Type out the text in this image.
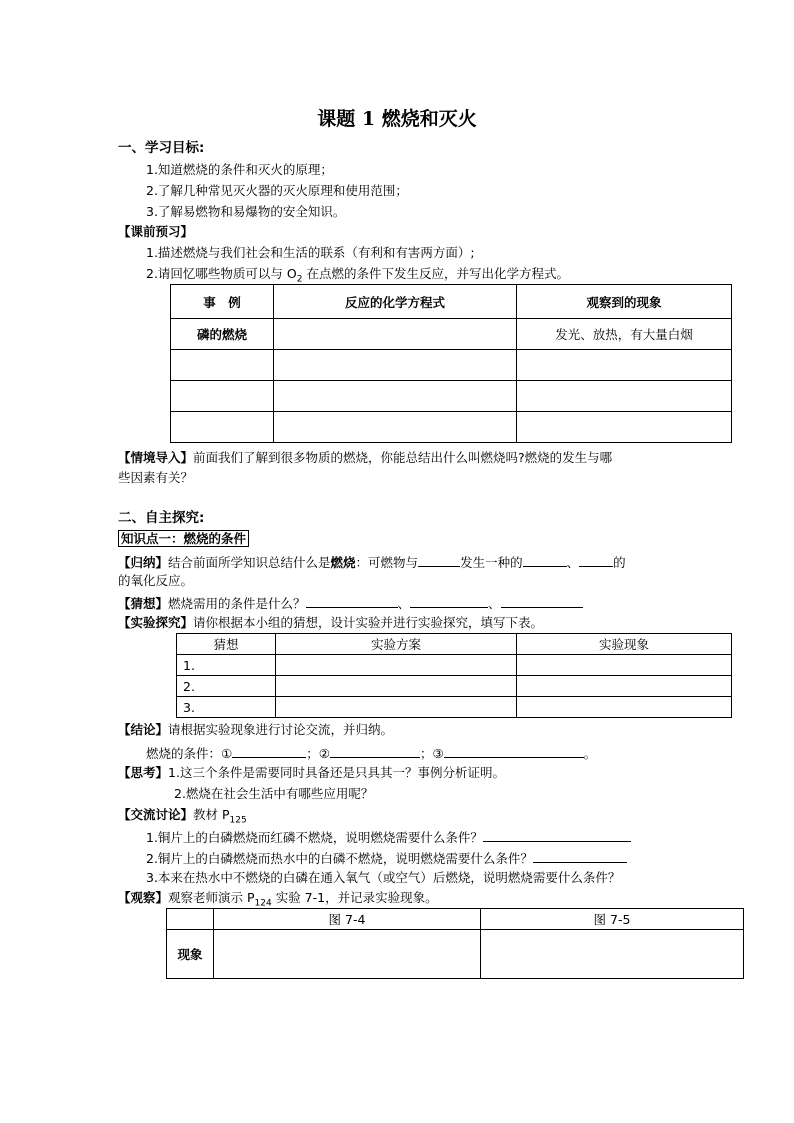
课题 1 燃烧和灭火
一、学习目标:
1.知道燃烧的条件和灭火的原理；
2.了解几种常见灭火器的灭火原理和使用范围；
3.了解易燃物和易爆物的安全知识。
【课前预习】
1.描述燃烧与我们社会和生活的联系（有利和有害两方面）;
2.请回忆哪些物质可以与 $O_2$ 在点燃的条件下发生反应，并写出化学方程式。
事　例	反应的化学方程式	观察到的现象
磷的燃烧		发光、放热，有大量白烟

【情境导入】前面我们了解到很多物质的燃烧，你能总结出什么叫燃烧吗?燃烧的发生与哪
些因素有关？
二、自主探究:
知识点一：燃烧的条件
【归纳】结合前面所学知识总结什么是燃烧：可燃物与	发生一种的	、	的
的氧化反应。
【猜想】燃烧需用的条件是什么？	、	、
【实验探究】请你根据本小组的猜想，设计实验并进行实验探究，填写下表。
猜想	实验方案	实验现象
1.		
2.		
3.		
【结论】请根据实验现象进行讨论交流，并归纳。
燃烧的条件：①	；②	；③	。
【思考】1.这三个条件是需要同时具备还是只具其一？事例分析证明。
2.燃烧在社会生活中有哪些应用呢？
【交流讨论】教材 $P_{125}$
1.铜片上的白磷燃烧而红磷不燃烧，说明燃烧需要什么条件？
2.铜片上的白磷燃烧而热水中的白磷不燃烧，说明燃烧需要什么条件？
3.本来在热水中不燃烧的白磷在通入氧气（或空气）后燃烧，说明燃烧需要什么条件？
【观察】观察老师演示 $P_{124}$ 实验 7-1，并记录实验现象。
	图 7-4	图 7-5
现象		
